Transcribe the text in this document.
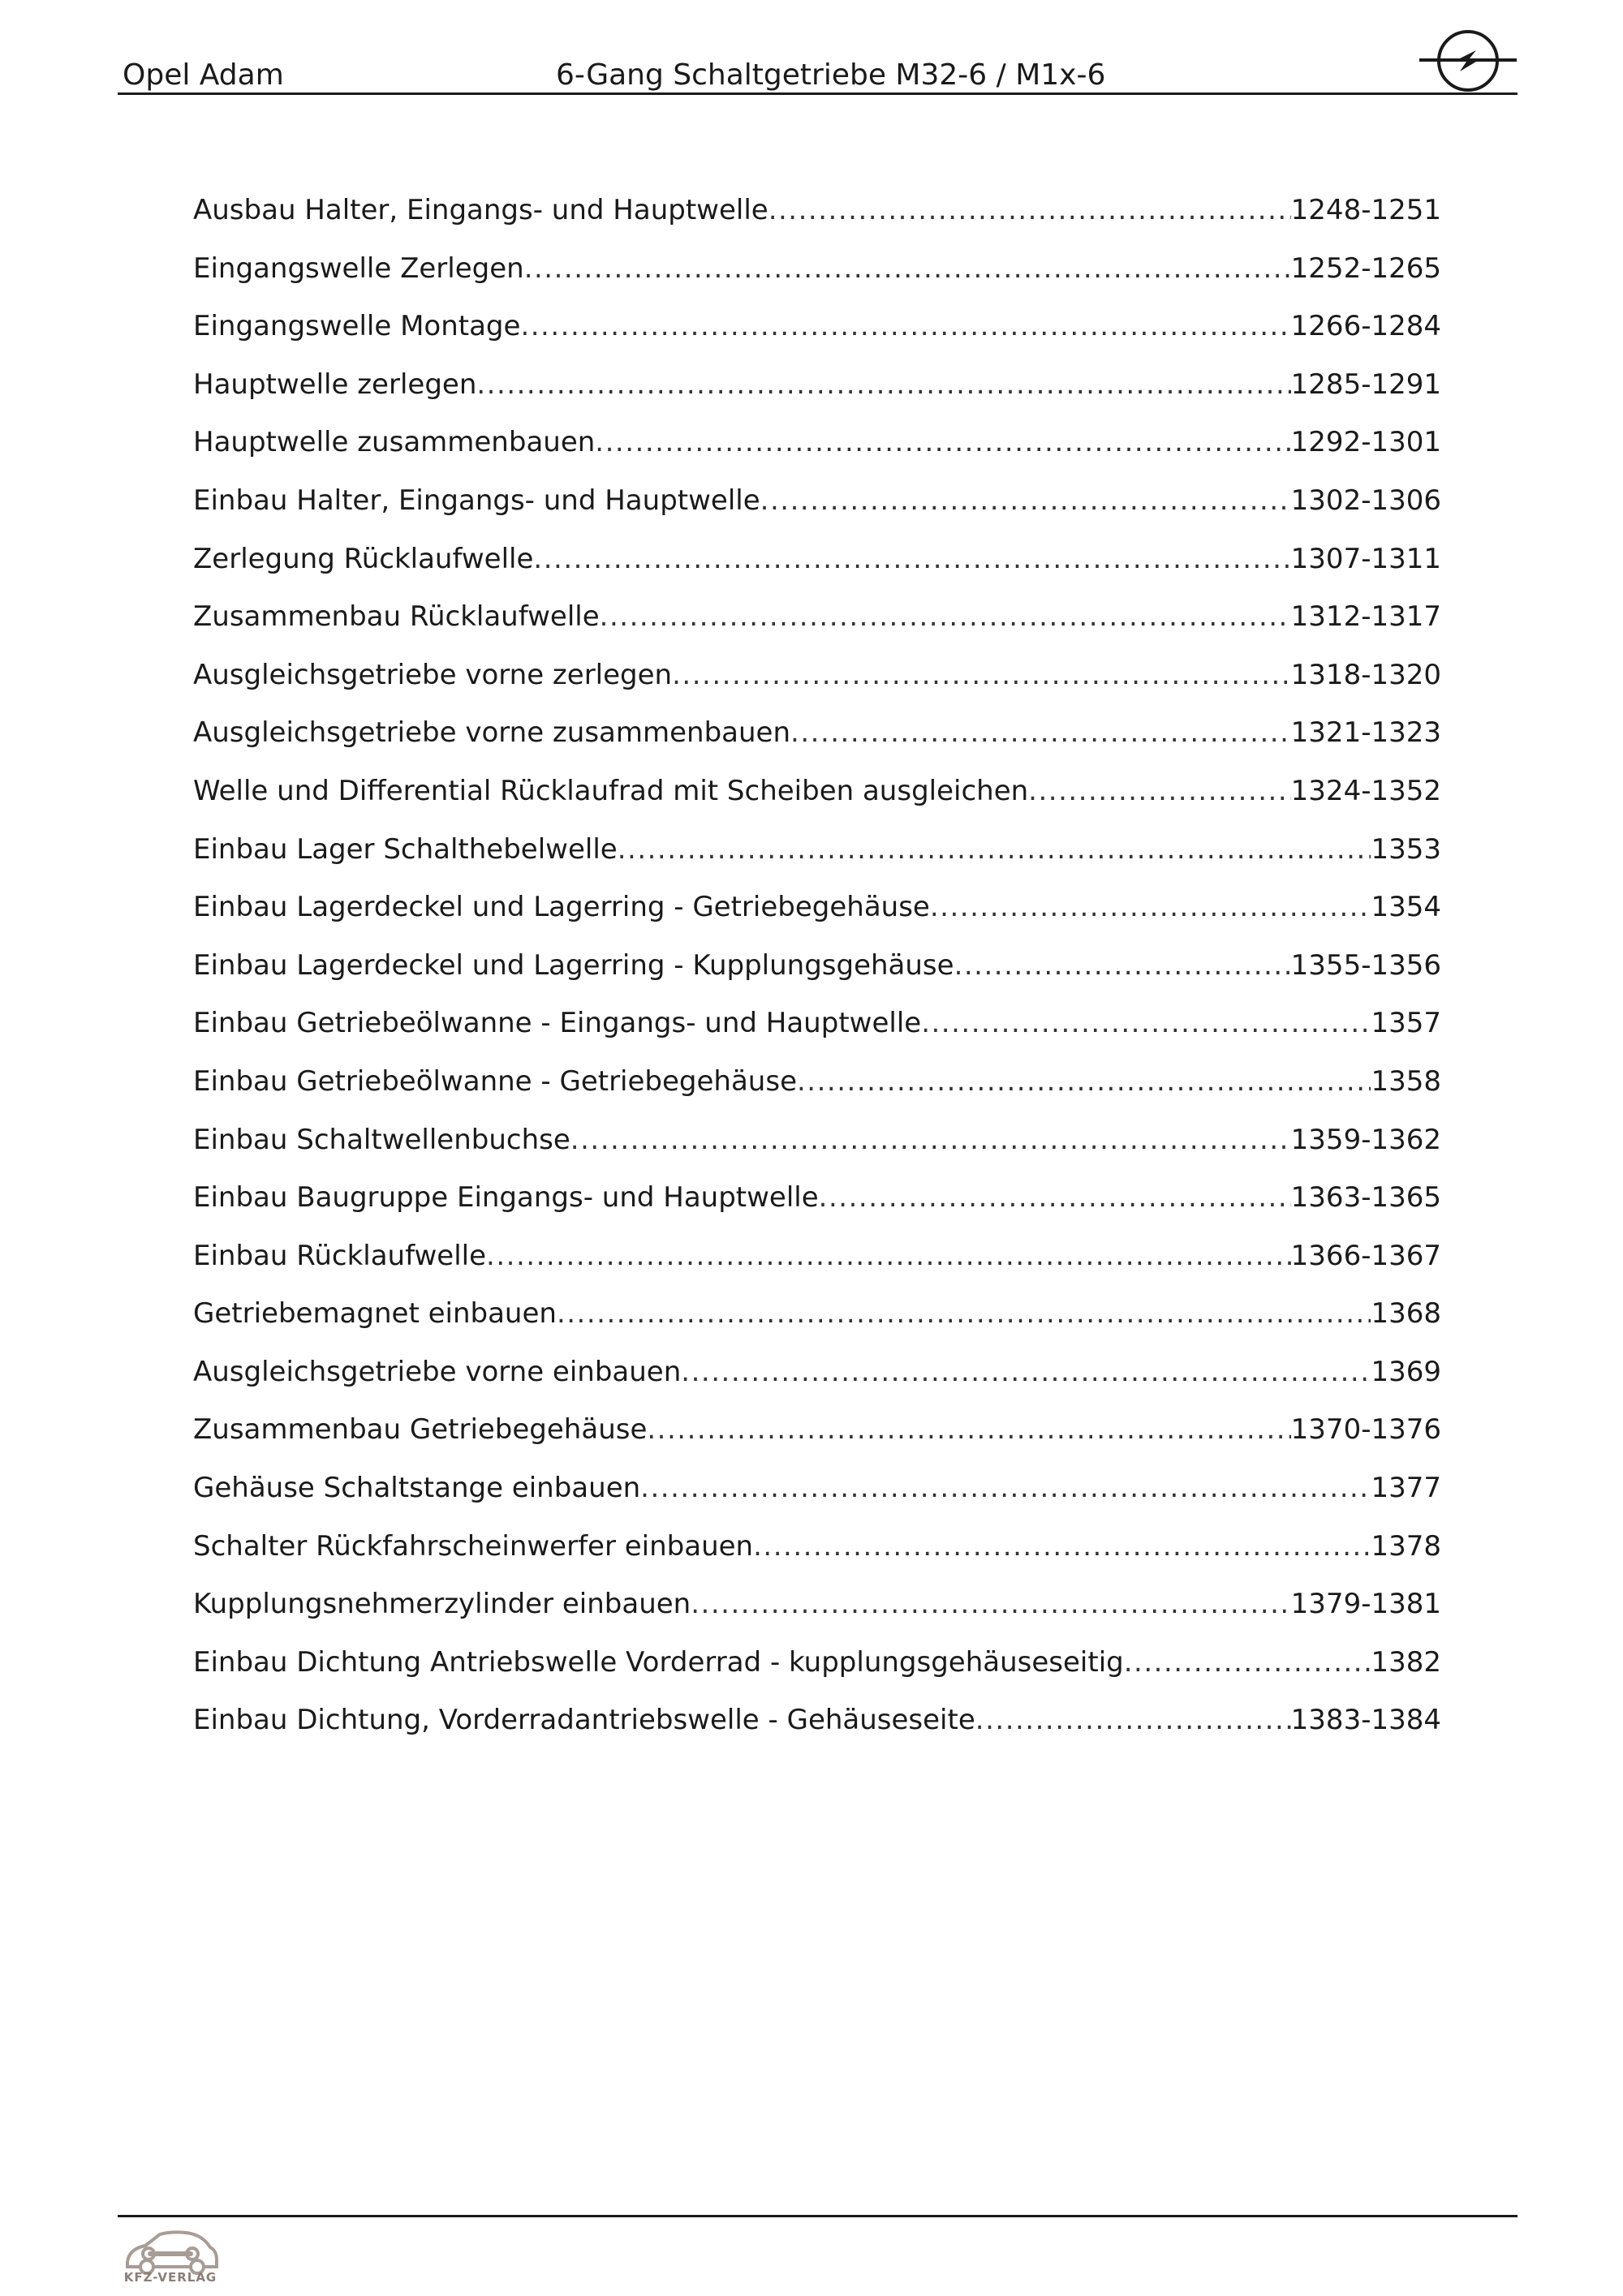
Opel Adam	6-Gang Schaltgetriebe M32-6 / M1x-6
Ausbau Halter, Eingangs- und Hauptwelle .....	1248-1251
Eingangswelle Zerlegen .....	1252-1265
Eingangswelle Montage .....	1266-1284
Hauptwelle zerlegen .....	1285-1291
Hauptwelle zusammenbauen .....	1292-1301
Einbau Halter, Eingangs- und Hauptwelle .....	1302-1306
Zerlegung Rücklaufwelle .....	1307-1311
Zusammenbau Rücklaufwelle .....	1312-1317
Ausgleichsgetriebe vorne zerlegen .....	1318-1320
Ausgleichsgetriebe vorne zusammenbauen .....	1321-1323
Welle und Differential Rücklaufrad mit Scheiben ausgleichen .....	1324-1352
Einbau Lager Schalthebelwelle .....	1353
Einbau Lagerdeckel und Lagerring - Getriebegehäuse .....	1354
Einbau Lagerdeckel und Lagerring - Kupplungsgehäuse .....	1355-1356
Einbau Getriebeölwanne - Eingangs- und Hauptwelle .....	1357
Einbau Getriebeölwanne - Getriebegehäuse .....	1358
Einbau Schaltwellenbuchse .....	1359-1362
Einbau Baugruppe Eingangs- und Hauptwelle .....	1363-1365
Einbau Rücklaufwelle .....	1366-1367
Getriebemagnet einbauen .....	1368
Ausgleichsgetriebe vorne einbauen .....	1369
Zusammenbau Getriebegehäuse .....	1370-1376
Gehäuse Schaltstange einbauen .....	1377
Schalter Rückfahrscheinwerfer einbauen .....	1378
Kupplungsnehmerzylinder einbauen .....	1379-1381
Einbau Dichtung Antriebswelle Vorderrad - kupplungsgehäuseseitig .....	1382
Einbau Dichtung, Vorderradantriebswelle - Gehäuseseite .....	1383-1384
KFZ-VERLAG
